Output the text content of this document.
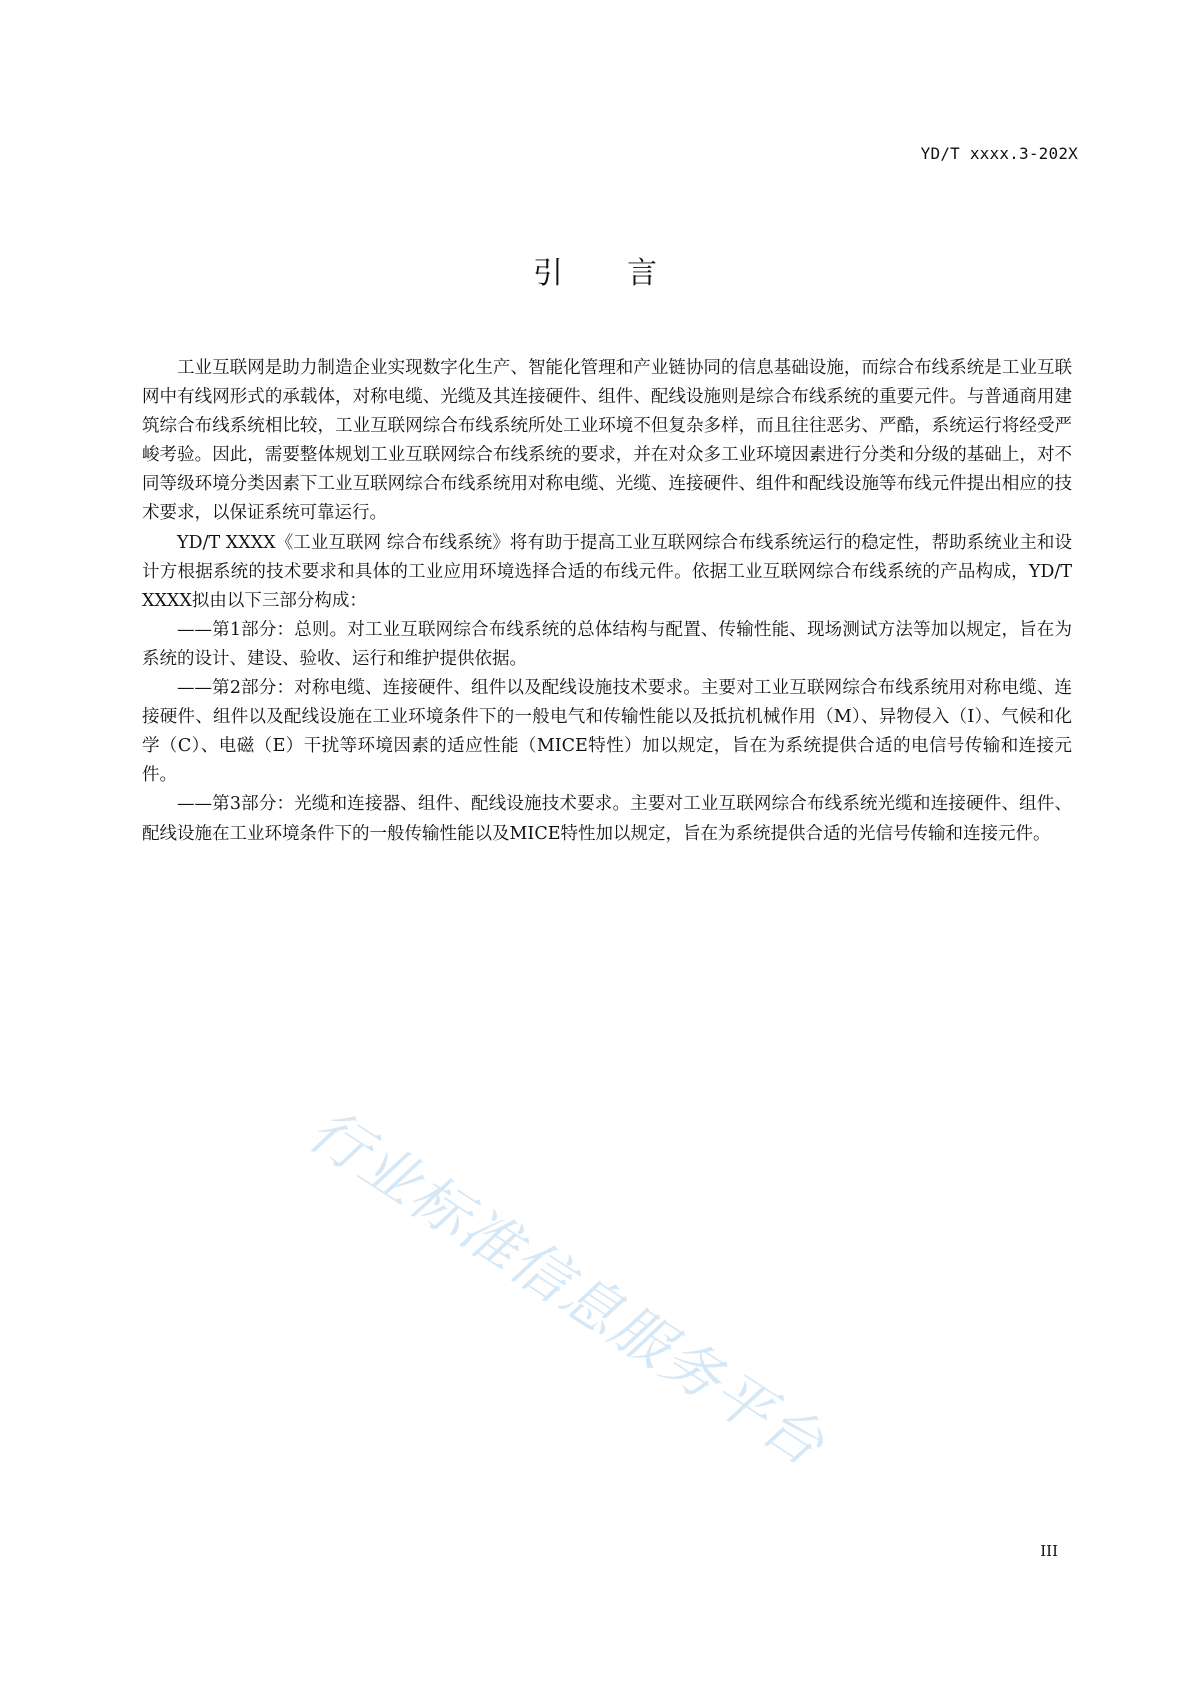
YD/T xxxx.3-202X
引言

工业互联网是助力制造企业实现数字化生产、智能化管理和产业链协同的信息基础设施，而综合布线系统是工业互联网中有线网形式的承载体，对称电缆、光缆及其连接硬件、组件、配线设施则是综合布线系统的重要元件。与普通商用建筑综合布线系统相比较，工业互联网综合布线系统所处工业环境不但复杂多样，而且往往恶劣、严酷，系统运行将经受严峻考验。因此，需要整体规划工业互联网综合布线系统的要求，并在对众多工业环境因素进行分类和分级的基础上，对不同等级环境分类因素下工业互联网综合布线系统用对称电缆、光缆、连接硬件、组件和配线设施等布线元件提出相应的技术要求，以保证系统可靠运行。

YD/T XXXX《工业互联网 综合布线系统》将有助于提高工业互联网综合布线系统运行的稳定性，帮助系统业主和设计方根据系统的技术要求和具体的工业应用环境选择合适的布线元件。依据工业互联网综合布线系统的产品构成，YD/T XXXX拟由以下三部分构成：

——第1部分：总则。对工业互联网综合布线系统的总体结构与配置、传输性能、现场测试方法等加以规定，旨在为系统的设计、建设、验收、运行和维护提供依据。

——第2部分：对称电缆、连接硬件、组件以及配线设施技术要求。主要对工业互联网综合布线系统用对称电缆、连接硬件、组件以及配线设施在工业环境条件下的一般电气和传输性能以及抵抗机械作用（M）、异物侵入（I）、气候和化学（C）、电磁（E）干扰等环境因素的适应性能（MICE特性）加以规定，旨在为系统提供合适的电信号传输和连接元件。

——第3部分：光缆和连接器、组件、配线设施技术要求。主要对工业互联网综合布线系统光缆和连接硬件、组件、配线设施在工业环境条件下的一般传输性能以及MICE特性加以规定，旨在为系统提供合适的光信号传输和连接元件。

行业标准信息服务平台
III
